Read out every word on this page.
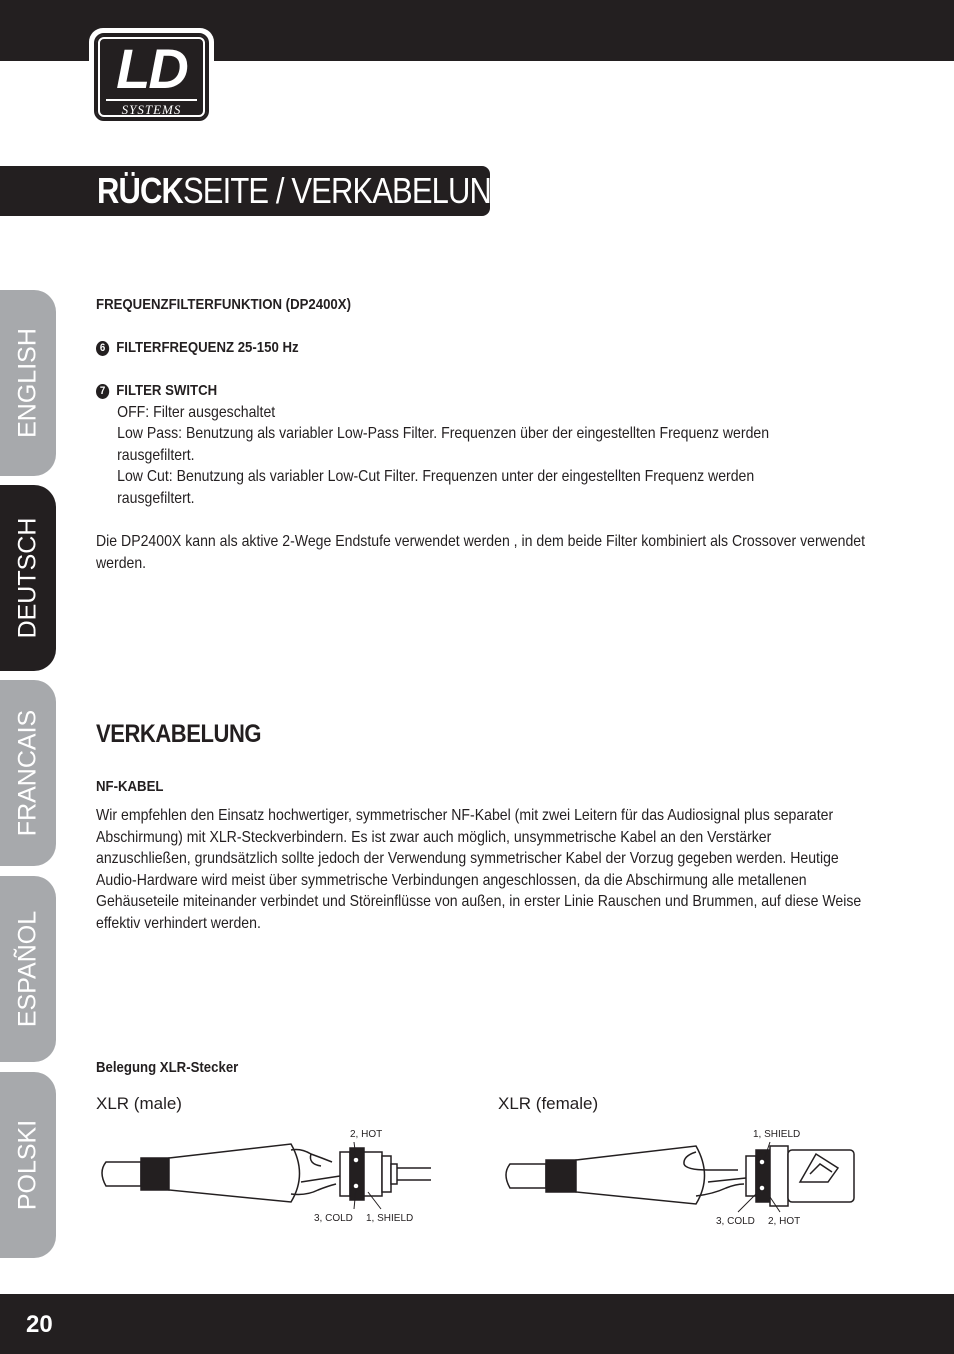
LD
SYSTEMS
RÜCKSEITE / VERKABELUNG:
ENGLISH
DEUTSCH
FRANCAIS
ESPAÑOL
POLSKI
FREQUENZFILTERFUNKTION (DP2400X)
6 FILTERFREQUENZ 25-150 Hz
7 FILTER SWITCH
OFF: Filter ausgeschaltet
Low Pass: Benutzung als variabler Low-Pass Filter. Frequenzen über der eingestellten Frequenz werden rausgefiltert.
Low Cut: Benutzung als variabler Low-Cut Filter. Frequenzen unter der eingestellten Frequenz werden rausgefiltert.
Die DP2400X kann als aktive 2-Wege Endstufe verwendet werden , in dem beide Filter kombiniert als Crossover verwendet werden.
VERKABELUNG
NF-KABEL
Wir empfehlen den Einsatz hochwertiger, symmetrischer NF-Kabel (mit zwei Leitern für das Audiosignal plus separater Abschirmung) mit XLR-Steckverbindern. Es ist zwar auch möglich, unsymmetrische Kabel an den Verstärker anzuschließen, grundsätzlich sollte jedoch der Verwendung symmetrischer Kabel der Vorzug gegeben werden. Heutige Audio-Hardware wird meist über symmetrische Verbindungen angeschlossen, da die Abschirmung alle metallenen Gehäuseteile miteinander verbindet und Störeinflüsse von außen, in erster Linie Rauschen und Brummen, auf diese Weise effektiv verhindert werden.
Belegung XLR-Stecker
XLR (male)	XLR (female)
2, HOT
3, COLD 1, SHIELD
1, SHIELD
3, COLD 2, HOT
20
